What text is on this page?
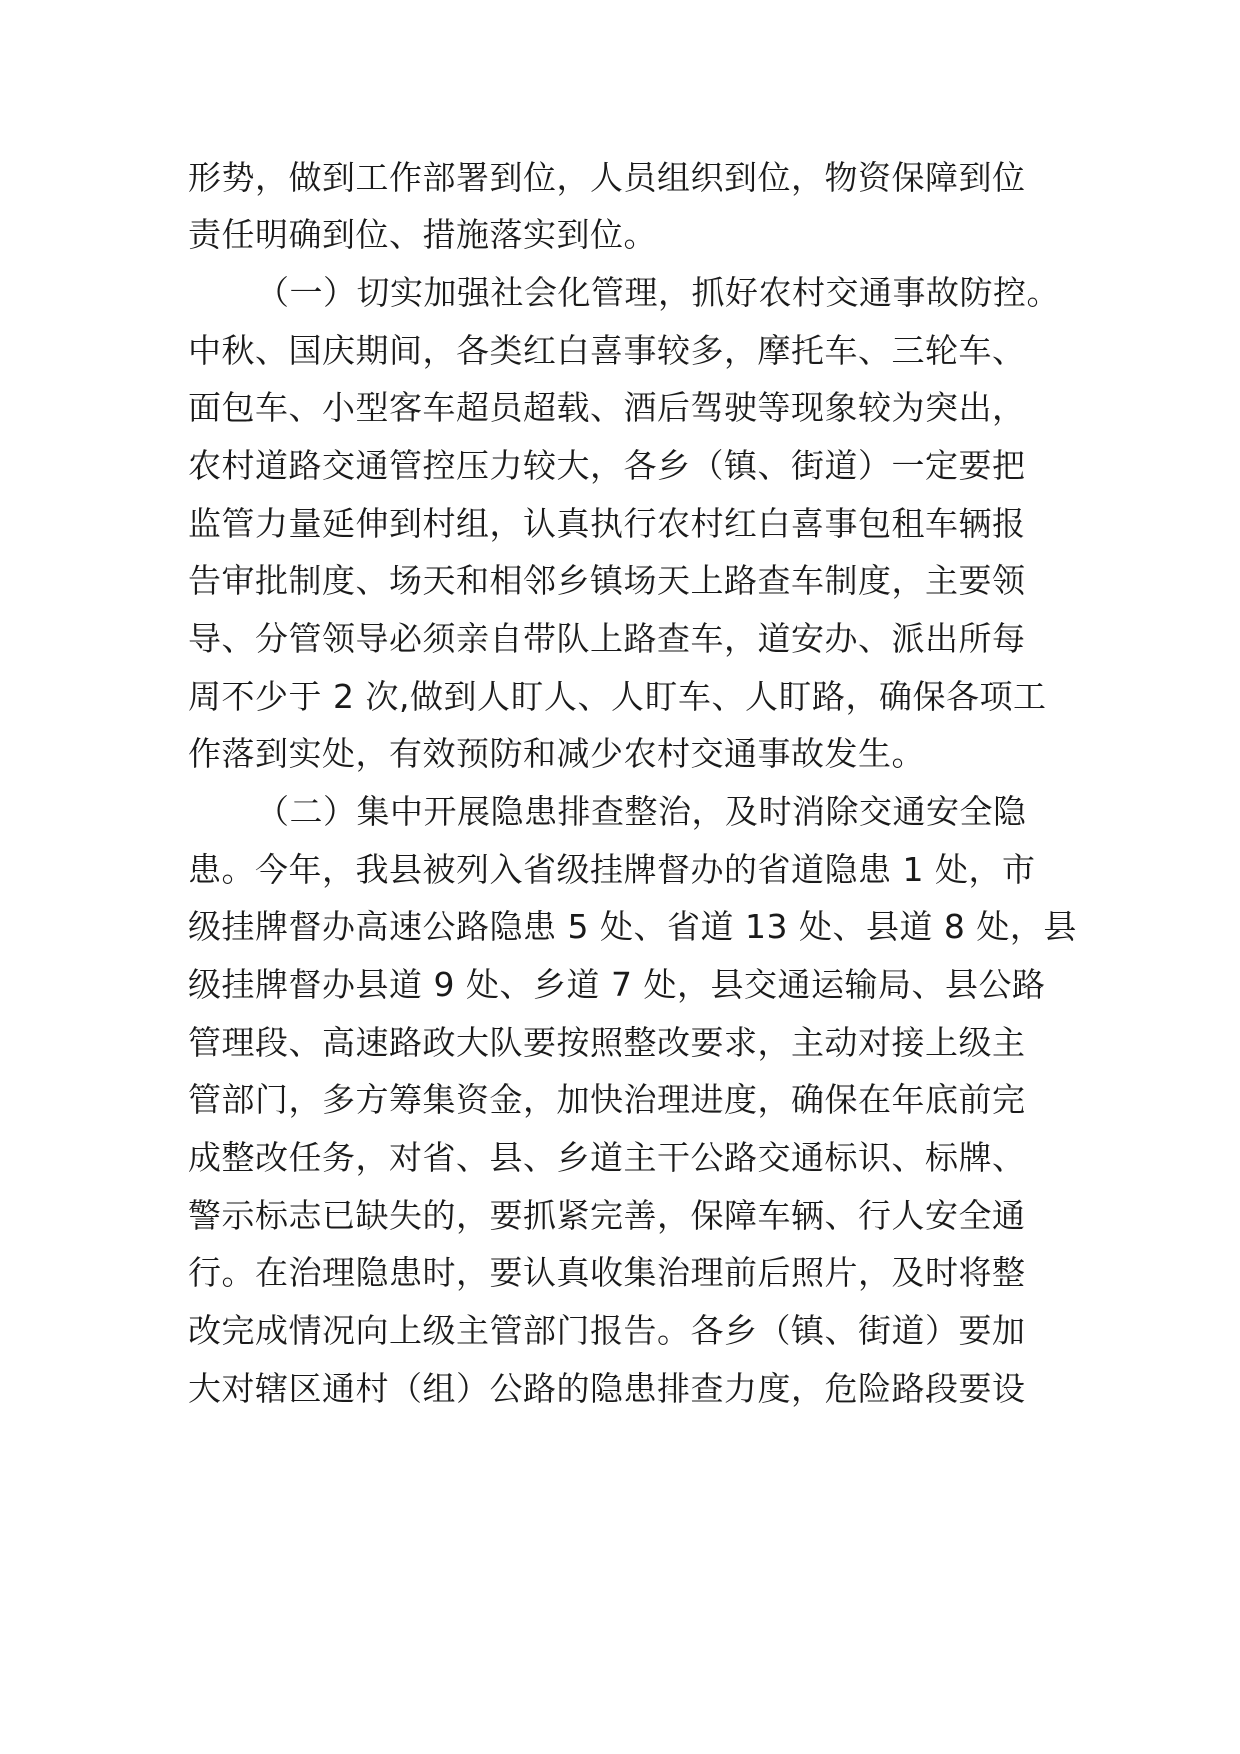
形势，做到工作部署到位，人员组织到位，物资保障到位
责任明确到位、措施落实到位。
（一）切实加强社会化管理，抓好农村交通事故防控。
中秋、国庆期间，各类红白喜事较多，摩托车、三轮车、
面包车、小型客车超员超载、酒后驾驶等现象较为突出，
农村道路交通管控压力较大，各乡（镇、街道）一定要把
监管力量延伸到村组，认真执行农村红白喜事包租车辆报
告审批制度、场天和相邻乡镇场天上路查车制度，主要领
导、分管领导必须亲自带队上路查车，道安办、派出所每
周不少于 2 次,做到人盯人、人盯车、人盯路，确保各项工
作落到实处，有效预防和减少农村交通事故发生。
（二）集中开展隐患排查整治，及时消除交通安全隐
患。今年，我县被列入省级挂牌督办的省道隐患 1 处，市
级挂牌督办高速公路隐患 5 处、省道 13 处、县道 8 处，县
级挂牌督办县道 9 处、乡道 7 处，县交通运输局、县公路
管理段、高速路政大队要按照整改要求，主动对接上级主
管部门，多方筹集资金，加快治理进度，确保在年底前完
成整改任务，对省、县、乡道主干公路交通标识、标牌、
警示标志已缺失的，要抓紧完善，保障车辆、行人安全通
行。在治理隐患时，要认真收集治理前后照片，及时将整
改完成情况向上级主管部门报告。各乡（镇、街道）要加
大对辖区通村（组）公路的隐患排查力度，危险路段要设
